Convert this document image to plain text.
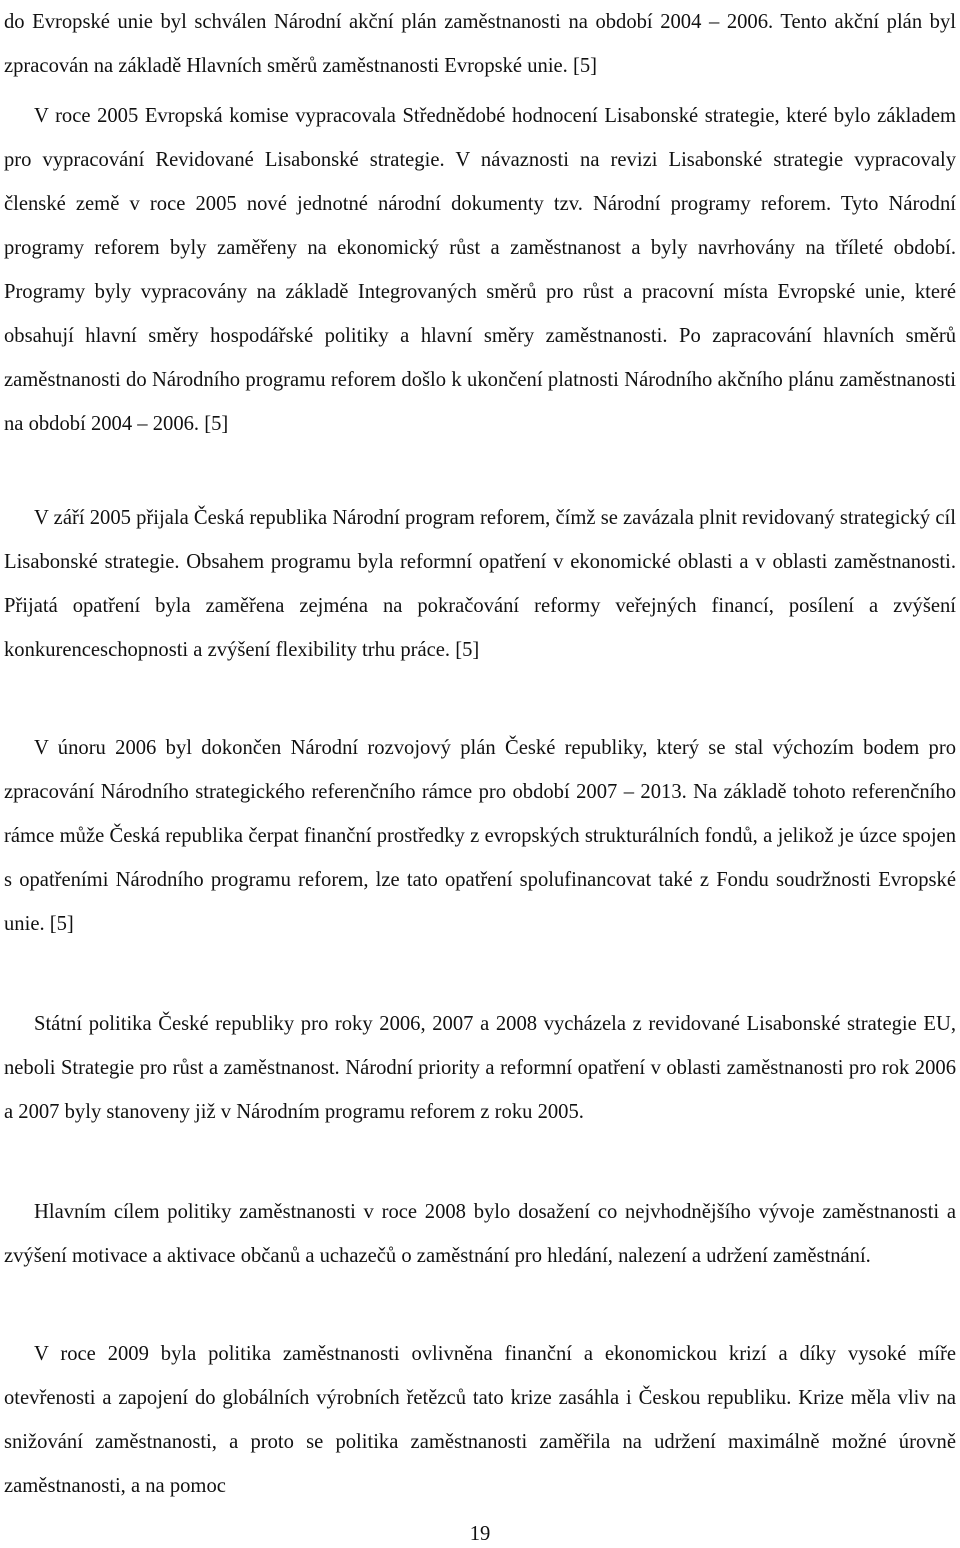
do Evropské unie byl schválen Národní akční plán zaměstnanosti na období 2004 – 2006. Tento akční plán byl zpracován na základě Hlavních směrů zaměstnanosti Evropské unie. [5]

V roce 2005 Evropská komise vypracovala Střednědobé hodnocení Lisabonské strategie, které bylo základem pro vypracování Revidované Lisabonské strategie. V návaznosti na revizi Lisabonské strategie vypracovaly členské země v roce 2005 nové jednotné národní dokumenty tzv. Národní programy reforem. Tyto Národní programy reforem byly zaměřeny na ekonomický růst a zaměstnanost a byly navrhovány na tříleté období. Programy byly vypracovány na základě Integrovaných směrů pro růst a pracovní místa Evropské unie, které obsahují hlavní směry hospodářské politiky a hlavní směry zaměstnanosti. Po zapracování hlavních směrů zaměstnanosti do Národního programu reforem došlo k ukončení platnosti Národního akčního plánu zaměstnanosti na období 2004 – 2006. [5]

V září 2005 přijala Česká republika Národní program reforem, čímž se zavázala plnit revidovaný strategický cíl Lisabonské strategie. Obsahem programu byla reformní opatření v ekonomické oblasti a v oblasti zaměstnanosti. Přijatá opatření byla zaměřena zejména na pokračování reformy veřejných financí, posílení a zvýšení konkurenceschopnosti a zvýšení flexibility trhu práce. [5]

V únoru 2006 byl dokončen Národní rozvojový plán České republiky, který se stal výchozím bodem pro zpracování Národního strategického referenčního rámce pro období 2007 – 2013. Na základě tohoto referenčního rámce může Česká republika čerpat finanční prostředky z evropských strukturálních fondů, a jelikož je úzce spojen s opatřeními Národního programu reforem, lze tato opatření spolufinancovat také z Fondu soudržnosti Evropské unie. [5]

Státní politika České republiky pro roky 2006, 2007 a 2008 vycházela z revidované Lisabonské strategie EU, neboli Strategie pro růst a zaměstnanost. Národní priority a reformní opatření v oblasti zaměstnanosti pro rok 2006 a 2007 byly stanoveny již v Národním programu reforem z roku 2005.

Hlavním cílem politiky zaměstnanosti v roce 2008 bylo dosažení co nejvhodnějšího vývoje zaměstnanosti a zvýšení motivace a aktivace občanů a uchazečů o zaměstnání pro hledání, nalezení a udržení zaměstnání.

V roce 2009 byla politika zaměstnanosti ovlivněna finanční a ekonomickou krizí a díky vysoké míře otevřenosti a zapojení do globálních výrobních řetězců tato krize zasáhla i Českou republiku. Krize měla vliv na snižování zaměstnanosti, a proto se politika zaměstnanosti zaměřila na udržení maximálně možné úrovně zaměstnanosti, a na pomoc

19
